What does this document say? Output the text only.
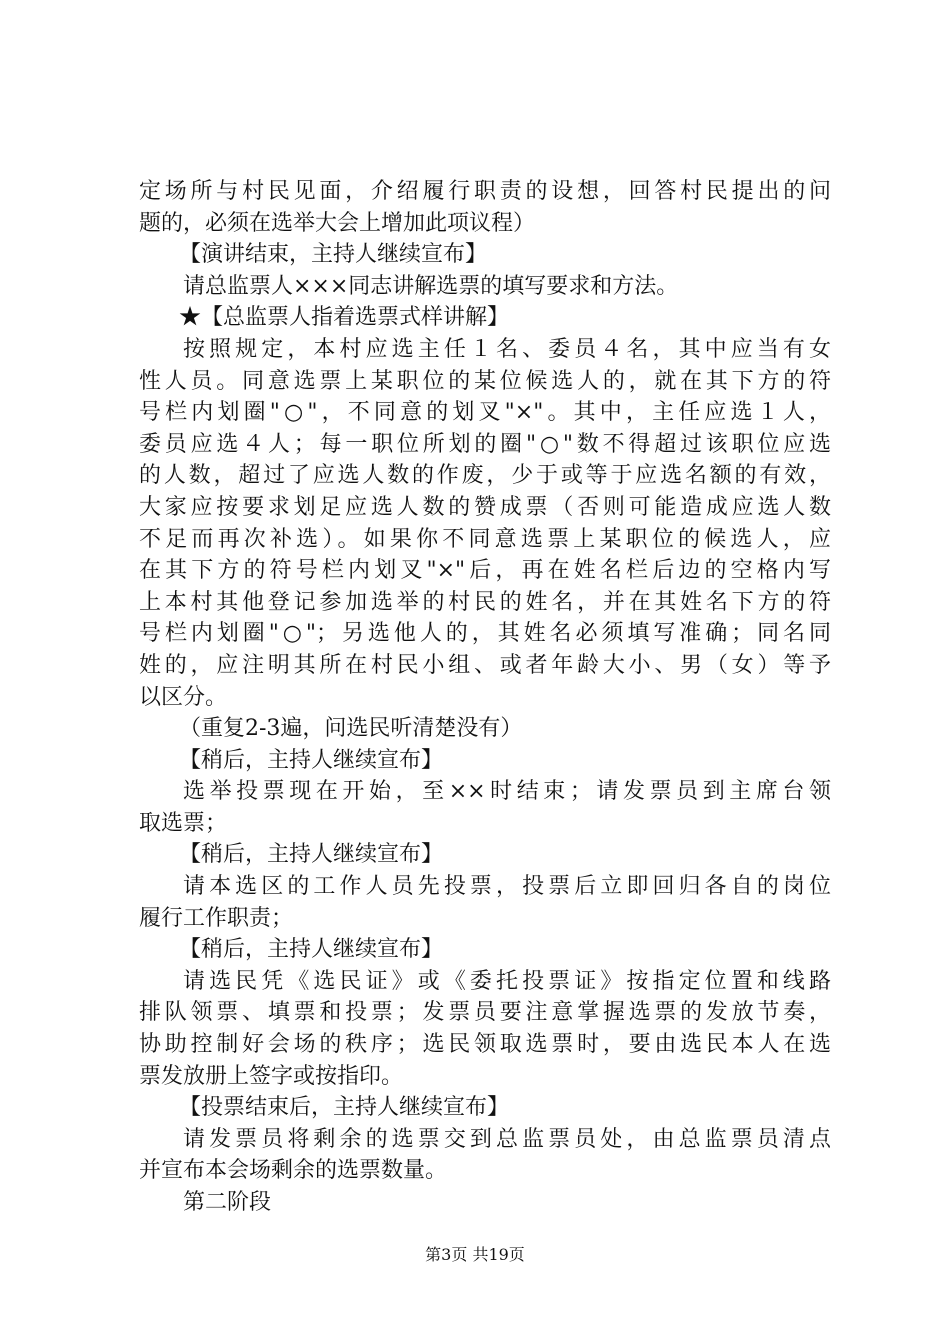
定场所与村民见面，介绍履行职责的设想，回答村民提出的问
题的，必须在选举大会上增加此项议程）
【演讲结束，主持人继续宣布】
请总监票人×××同志讲解选票的填写要求和方法。
★【总监票人指着选票式样讲解】
按照规定，本村应选主任１名、委员４名，其中应当有女
性人员。同意选票上某职位的某位候选人的，就在其下方的符
号栏内划圈"○"，不同意的划叉"×"。其中，主任应选１人，
委员应选４人；每一职位所划的圈"○"数不得超过该职位应选
的人数，超过了应选人数的作废，少于或等于应选名额的有效，
大家应按要求划足应选人数的赞成票（否则可能造成应选人数
不足而再次补选）。如果你不同意选票上某职位的候选人，应
在其下方的符号栏内划叉"×"后，再在姓名栏后边的空格内写
上本村其他登记参加选举的村民的姓名，并在其姓名下方的符
号栏内划圈"○"；另选他人的，其姓名必须填写准确；同名同
姓的，应注明其所在村民小组、或者年龄大小、男（女）等予
以区分。
（重复2-3遍，问选民听清楚没有）
【稍后，主持人继续宣布】
选举投票现在开始，至××时结束；请发票员到主席台领
取选票；
【稍后，主持人继续宣布】
请本选区的工作人员先投票，投票后立即回归各自的岗位
履行工作职责；
【稍后，主持人继续宣布】
请选民凭《选民证》或《委托投票证》按指定位置和线路
排队领票、填票和投票；发票员要注意掌握选票的发放节奏，
协助控制好会场的秩序；选民领取选票时，要由选民本人在选
票发放册上签字或按指印。
【投票结束后，主持人继续宣布】
请发票员将剩余的选票交到总监票员处，由总监票员清点
并宣布本会场剩余的选票数量。
第二阶段
第3页 共19页
